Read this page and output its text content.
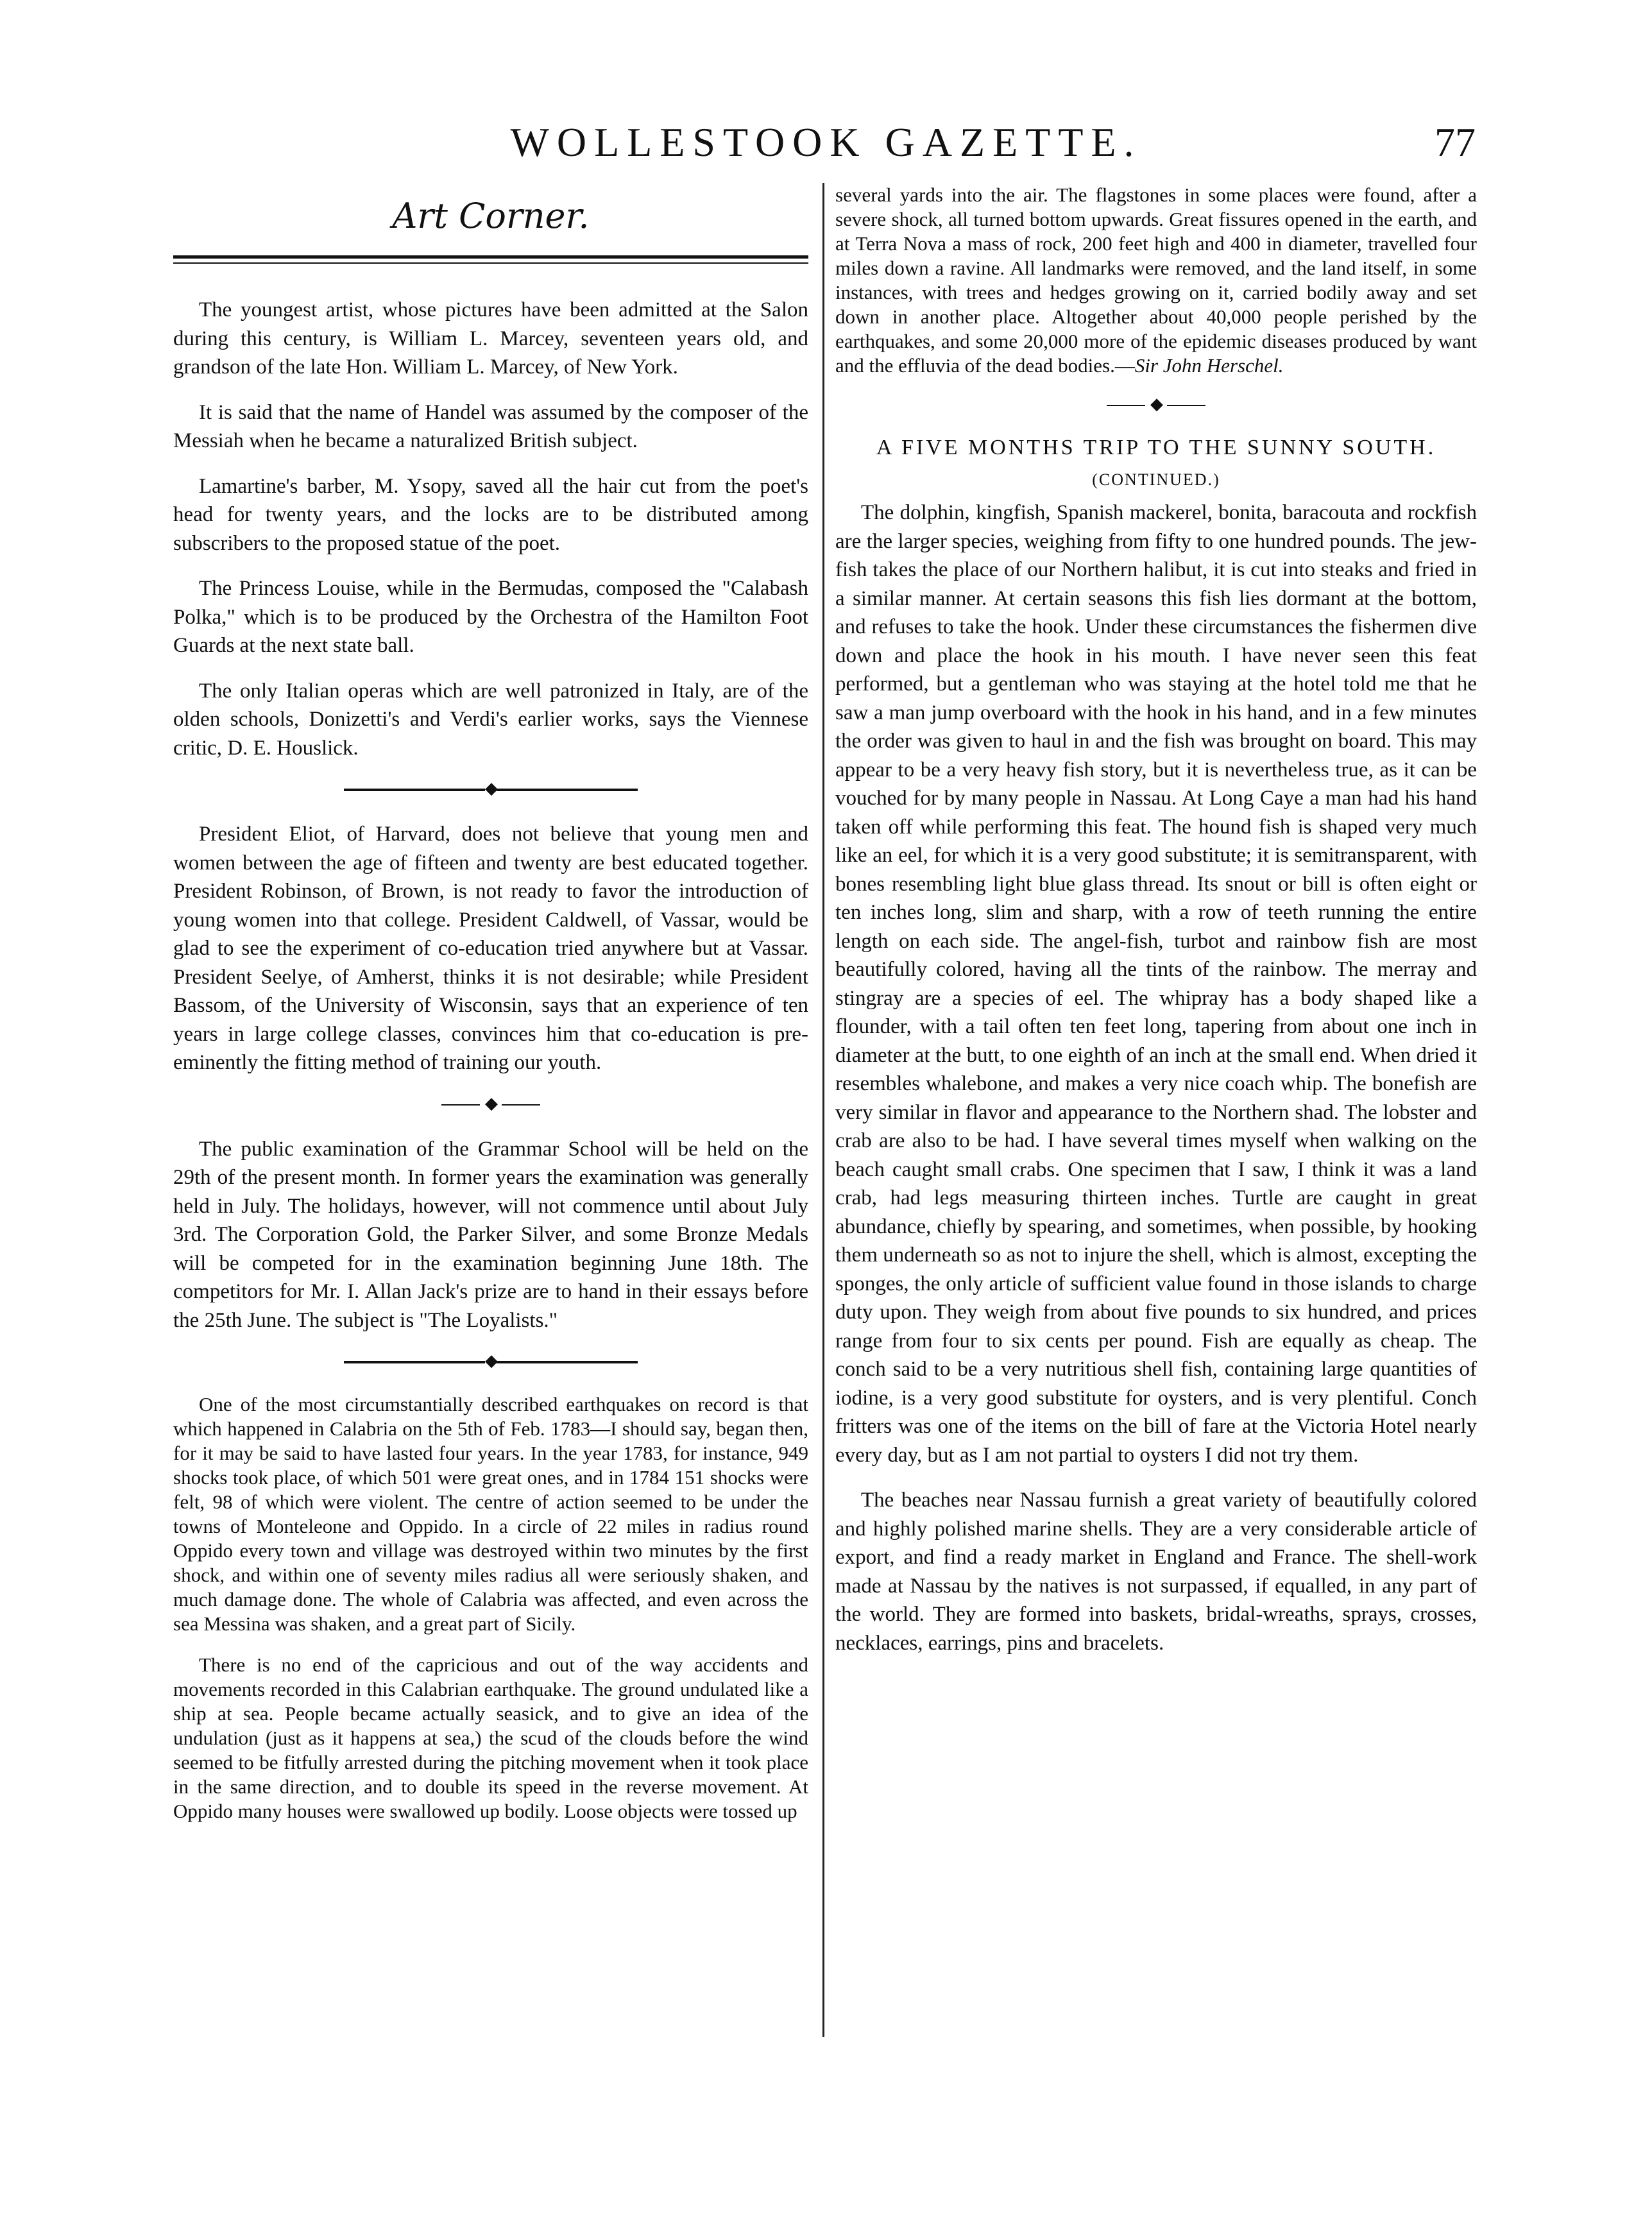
WOLLESTOOK GAZETTE.	77
Art Corner.

The youngest artist, whose pictures have been admitted at the Salon during this century, is William L. Marcey, seventeen years old, and grandson of the late Hon. William L. Marcey, of New York.

It is said that the name of Handel was assumed by the composer of the Messiah when he became a naturalized British subject.

Lamartine's barber, M. Ysopy, saved all the hair cut from the poet's head for twenty years, and the locks are to be distributed among subscribers to the proposed statue of the poet.

The Princess Louise, while in the Bermudas, composed the "Calabash Polka," which is to be produced by the Orchestra of the Hamilton Foot Guards at the next state ball.

The only Italian operas which are well patronized in Italy, are of the olden schools, Donizetti's and Verdi's earlier works, says the Viennese critic, D. E. Houslick.

◆

President Eliot, of Harvard, does not believe that young men and women between the age of fifteen and twenty are best educated together. President Robinson, of Brown, is not ready to favor the introduction of young women into that college. President Caldwell, of Vassar, would be glad to see the experiment of co-education tried anywhere but at Vassar. President Seelye, of Amherst, thinks it is not desirable; while President Bassom, of the University of Wisconsin, says that an experience of ten years in large college classes, convinces him that co-education is pre-eminently the fitting method of training our youth.

◆

The public examination of the Grammar School will be held on the 29th of the present month. In former years the examination was generally held in July. The holidays, however, will not commence until about July 3rd. The Corporation Gold, the Parker Silver, and some Bronze Medals will be competed for in the examination beginning June 18th. The competitors for Mr. I. Allan Jack's prize are to hand in their essays before the 25th June. The subject is "The Loyalists."

◆

One of the most circumstantially described earthquakes on record is that which happened in Calabria on the 5th of Feb. 1783—I should say, began then, for it may be said to have lasted four years. In the year 1783, for instance, 949 shocks took place, of which 501 were great ones, and in 1784 151 shocks were felt, 98 of which were violent. The centre of action seemed to be under the towns of Monteleone and Oppido. In a circle of 22 miles in radius round Oppido every town and village was destroyed within two minutes by the first shock, and within one of seventy miles radius all were seriously shaken, and much damage done. The whole of Calabria was affected, and even across the sea Messina was shaken, and a great part of Sicily.

There is no end of the capricious and out of the way accidents and movements recorded in this Calabrian earthquake. The ground undulated like a ship at sea. People became actually seasick, and to give an idea of the undulation (just as it happens at sea,) the scud of the clouds before the wind seemed to be fitfully arrested during the pitching movement when it took place in the same direction, and to double its speed in the reverse movement. At Oppido many houses were swallowed up bodily. Loose objects were tossed up

several yards into the air. The flagstones in some places were found, after a severe shock, all turned bottom upwards. Great fissures opened in the earth, and at Terra Nova a mass of rock, 200 feet high and 400 in diameter, travelled four miles down a ravine. All landmarks were removed, and the land itself, in some instances, with trees and hedges growing on it, carried bodily away and set down in another place. Altogether about 40,000 people perished by the earthquakes, and some 20,000 more of the epidemic diseases produced by want and the effluvia of the dead bodies.—Sir John Herschel.

◆
A FIVE MONTHS TRIP TO THE SUNNY SOUTH.
(CONTINUED.)

The dolphin, kingfish, Spanish mackerel, bonita, baracouta and rockfish are the larger species, weighing from fifty to one hundred pounds. The jew-fish takes the place of our Northern halibut, it is cut into steaks and fried in a similar manner. At certain seasons this fish lies dormant at the bottom, and refuses to take the hook. Under these circumstances the fishermen dive down and place the hook in his mouth. I have never seen this feat performed, but a gentleman who was staying at the hotel told me that he saw a man jump overboard with the hook in his hand, and in a few minutes the order was given to haul in and the fish was brought on board. This may appear to be a very heavy fish story, but it is nevertheless true, as it can be vouched for by many people in Nassau. At Long Caye a man had his hand taken off while performing this feat. The hound fish is shaped very much like an eel, for which it is a very good substitute; it is semitransparent, with bones resembling light blue glass thread. Its snout or bill is often eight or ten inches long, slim and sharp, with a row of teeth running the entire length on each side. The angel-fish, turbot and rainbow fish are most beautifully colored, having all the tints of the rainbow. The merray and stingray are a species of eel. The whipray has a body shaped like a flounder, with a tail often ten feet long, tapering from about one inch in diameter at the butt, to one eighth of an inch at the small end. When dried it resembles whalebone, and makes a very nice coach whip. The bonefish are very similar in flavor and appearance to the Northern shad. The lobster and crab are also to be had. I have several times myself when walking on the beach caught small crabs. One specimen that I saw, I think it was a land crab, had legs measuring thirteen inches. Turtle are caught in great abundance, chiefly by spearing, and sometimes, when possible, by hooking them underneath so as not to injure the shell, which is almost, excepting the sponges, the only article of sufficient value found in those islands to charge duty upon. They weigh from about five pounds to six hundred, and prices range from four to six cents per pound. Fish are equally as cheap. The conch said to be a very nutritious shell fish, containing large quantities of iodine, is a very good substitute for oysters, and is very plentiful. Conch fritters was one of the items on the bill of fare at the Victoria Hotel nearly every day, but as I am not partial to oysters I did not try them.

The beaches near Nassau furnish a great variety of beautifully colored and highly polished marine shells. They are a very considerable article of export, and find a ready market in England and France. The shell-work made at Nassau by the natives is not surpassed, if equalled, in any part of the world. They are formed into baskets, bridal-wreaths, sprays, crosses, necklaces, earrings, pins and bracelets.
